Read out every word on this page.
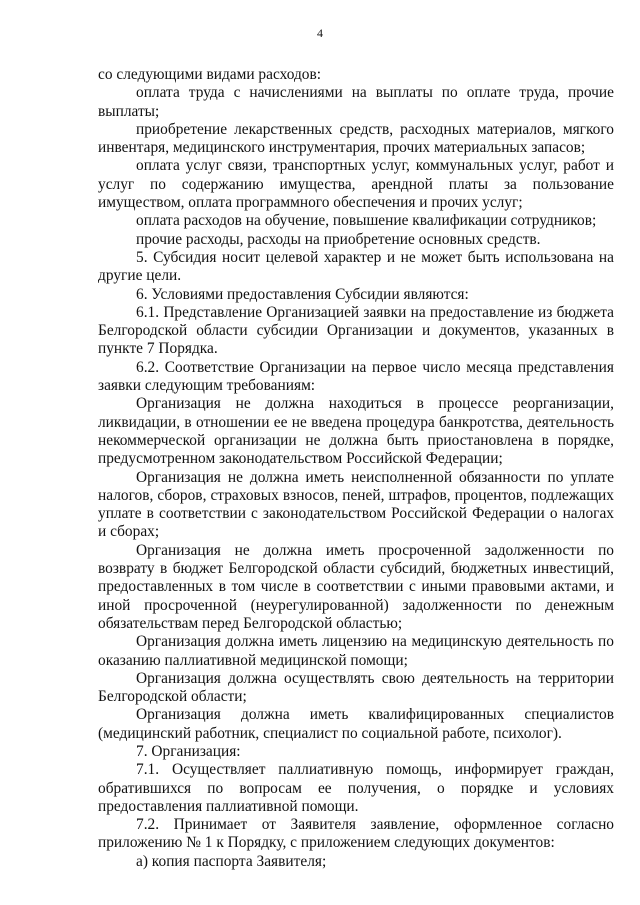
4

со следующими видами расходов:

оплата труда с начислениями на выплаты по оплате труда, прочие выплаты;

приобретение лекарственных средств, расходных материалов, мягкого инвентаря, медицинского инструментария, прочих материальных запасов;

оплата услуг связи, транспортных услуг, коммунальных услуг, работ и услуг по содержанию имущества, арендной платы за пользование имуществом, оплата программного обеспечения и прочих услуг;

оплата расходов на обучение, повышение квалификации сотрудников;

прочие расходы, расходы на приобретение основных средств.

5. Субсидия носит целевой характер и не может быть использована на другие цели.

6. Условиями предоставления Субсидии являются:

6.1. Представление Организацией заявки на предоставление из бюджета Белгородской области субсидии Организации и документов, указанных в пункте 7 Порядка.

6.2. Соответствие Организации на первое число месяца представления заявки следующим требованиям:

Организация не должна находиться в процессе реорганизации, ликвидации, в отношении ее не введена процедура банкротства, деятельность некоммерческой организации не должна быть приостановлена в порядке, предусмотренном законодательством Российской Федерации;

Организация не должна иметь неисполненной обязанности по уплате налогов, сборов, страховых взносов, пеней, штрафов, процентов, подлежащих уплате в соответствии с законодательством Российской Федерации о налогах и сборах;

Организация не должна иметь просроченной задолженности по возврату в бюджет Белгородской области субсидий, бюджетных инвестиций, предоставленных в том числе в соответствии с иными правовыми актами, и иной просроченной (неурегулированной) задолженности по денежным обязательствам перед Белгородской областью;

Организация должна иметь лицензию на медицинскую деятельность по оказанию паллиативной медицинской помощи;

Организация должна осуществлять свою деятельность на территории Белгородской области;

Организация должна иметь квалифицированных специалистов (медицинский работник, специалист по социальной работе, психолог).

7. Организация:

7.1. Осуществляет паллиативную помощь, информирует граждан, обратившихся по вопросам ее получения, о порядке и условиях предоставления паллиативной помощи.

7.2. Принимает от Заявителя заявление, оформленное согласно приложению № 1 к Порядку, с приложением следующих документов:

а) копия паспорта Заявителя;
